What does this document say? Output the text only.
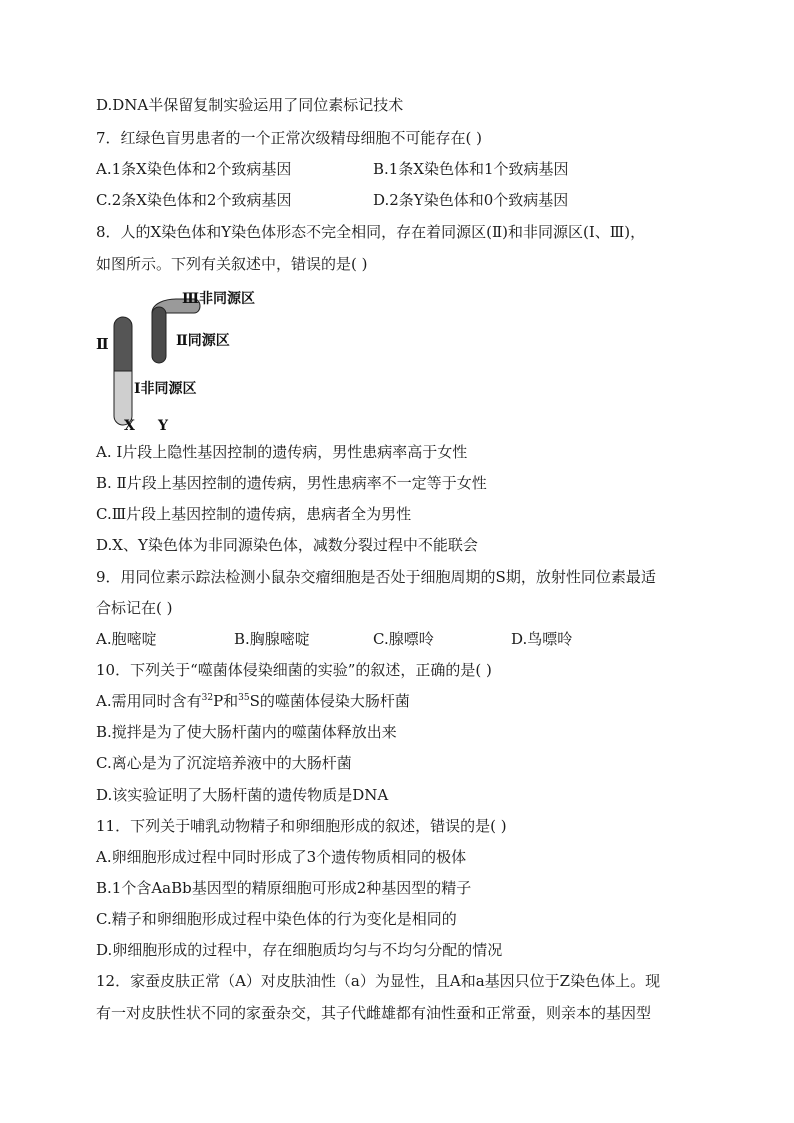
D.DNA半保留复制实验运用了同位素标记技术
7．红绿色盲男患者的一个正常次级精母细胞不可能存在( )
A.1条X染色体和2个致病基因	B.1条X染色体和1个致病基因
C.2条X染色体和2个致病基因	D.2条Y染色体和0个致病基因
8．人的X染色体和Y染色体形态不完全相同，存在着同源区(Ⅱ)和非同源区(Ⅰ、Ⅲ)，
如图所示。下列有关叙述中，错误的是( )
Ⅱ
Ⅲ非同源区
Ⅱ同源区
Ⅰ非同源区
X Y
A. Ⅰ片段上隐性基因控制的遗传病，男性患病率高于女性
B. Ⅱ片段上基因控制的遗传病，男性患病率不一定等于女性
C.Ⅲ片段上基因控制的遗传病，患病者全为男性
D.X、Y染色体为非同源染色体，减数分裂过程中不能联会
9．用同位素示踪法检测小鼠杂交瘤细胞是否处于细胞周期的S期，放射性同位素最适
合标记在( )
A.胞嘧啶	B.胸腺嘧啶	C.腺嘌呤	D.鸟嘌呤
10．下列关于“噬菌体侵染细菌的实验”的叙述，正确的是( )
A.需用同时含有$^{32}$P和$^{35}$S的噬菌体侵染大肠杆菌
B.搅拌是为了使大肠杆菌内的噬菌体释放出来
C.离心是为了沉淀培养液中的大肠杆菌
D.该实验证明了大肠杆菌的遗传物质是DNA
11．下列关于哺乳动物精子和卵细胞形成的叙述，错误的是( )
A.卵细胞形成过程中同时形成了3个遗传物质相同的极体
B.1个含AaBb基因型的精原细胞可形成2种基因型的精子
C.精子和卵细胞形成过程中染色体的行为变化是相同的
D.卵细胞形成的过程中，存在细胞质均匀与不均匀分配的情况
12．家蚕皮肤正常（A）对皮肤油性（a）为显性，且A和a基因只位于Z染色体上。现
有一对皮肤性状不同的家蚕杂交，其子代雌雄都有油性蚕和正常蚕，则亲本的基因型
